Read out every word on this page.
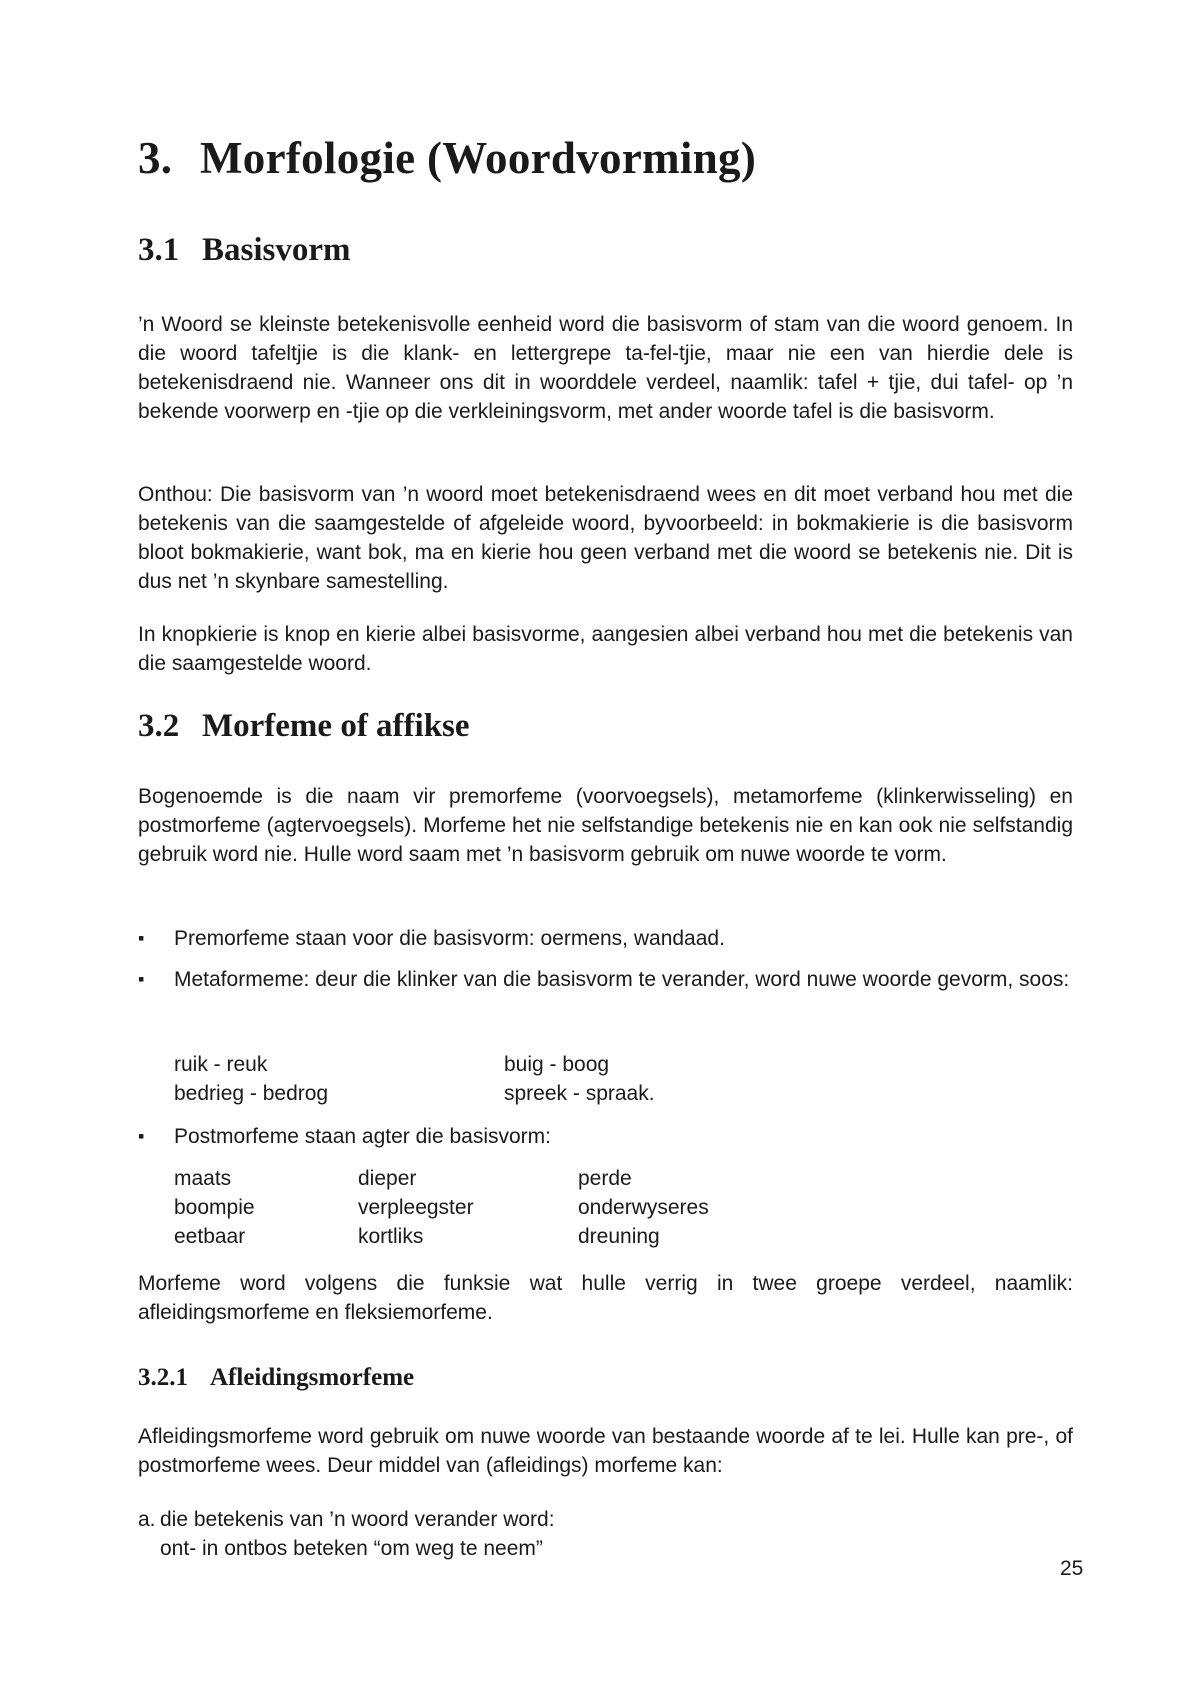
3. Morfologie (Woordvorming)
3.1 Basisvorm

’n Woord se kleinste betekenisvolle eenheid word die basisvorm of stam van die woord genoem. In die woord tafeltjie is die klank- en lettergrepe ta-fel-tjie, maar nie een van hierdie dele is betekenisdraend nie. Wanneer ons dit in woorddele verdeel, naamlik: tafel + tjie, dui tafel- op ’n bekende voorwerp en -tjie op die verkleiningsvorm, met ander woorde tafel is die basisvorm.

Onthou: Die basisvorm van ’n woord moet betekenisdraend wees en dit moet verband hou met die betekenis van die saamgestelde of afgeleide woord, byvoorbeeld: in bokmakierie is die basisvorm bloot bokmakierie, want bok, ma en kierie hou geen verband met die woord se betekenis nie. Dit is dus net ’n skynbare samestelling.

In knopkierie is knop en kierie albei basisvorme, aangesien albei verband hou met die betekenis van die saamgestelde woord.

3.2 Morfeme of affikse

Bogenoemde is die naam vir premorfeme (voorvoegsels), metamorfeme (klinkerwisseling) en postmorfeme (agtervoegsels). Morfeme het nie selfstandige betekenis nie en kan ook nie selfstandig gebruik word nie. Hulle word saam met ’n basisvorm gebruik om nuwe woorde te vorm.

▪	Premorfeme staan voor die basisvorm: oermens, wandaad.
▪	Metaformeme: deur die klinker van die basisvorm te verander, word nuwe woorde gevorm, soos:
ruik - reuk	buig - boog
bedrieg - bedrog	spreek - spraak.
▪	Postmorfeme staan agter die basisvorm:
maats	dieper	perde
boompie	verpleegster	onderwyseres
eetbaar	kortliks	dreuning

Morfeme word volgens die funksie wat hulle verrig in twee groepe verdeel, naamlik: afleidingsmorfeme en fleksiemorfeme.

3.2.1 Afleidingsmorfeme

Afleidingsmorfeme word gebruik om nuwe woorde van bestaande woorde af te lei. Hulle kan pre-, of postmorfeme wees. Deur middel van (afleidings) morfeme kan:

a. die betekenis van ’n woord verander word:
ont- in ontbos beteken “om weg te neem”
25
